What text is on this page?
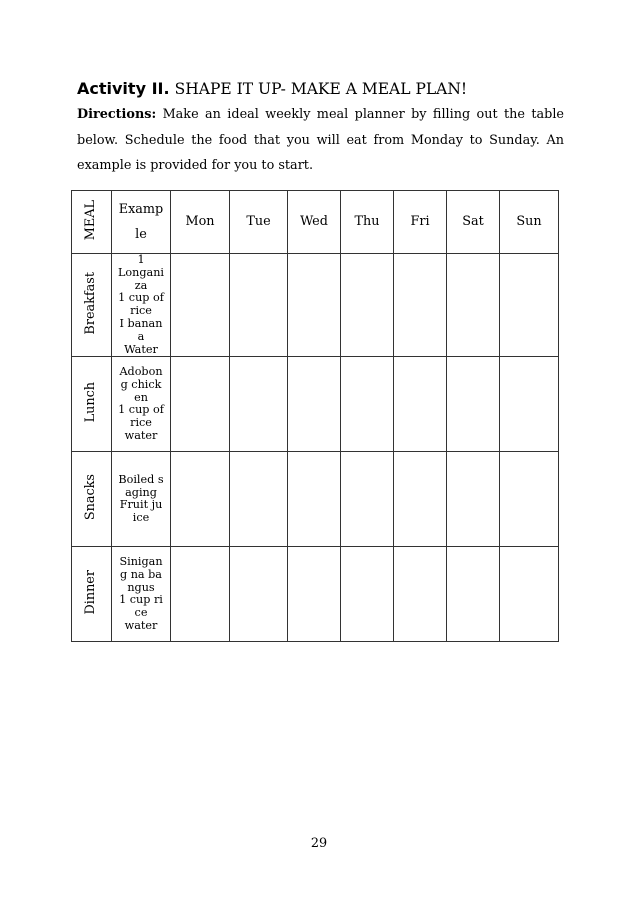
Activity II. SHAPE IT UP- MAKE A MEAL PLAN!

Directions: Make an ideal weekly meal planner by filling out the table below. Schedule the food that you will eat from Monday to Sunday. An example is provided for you to start.

MEAL	Example	Mon	Tue	Wed	Thu	Fri	Sat	Sun
Breakfast	1
Longaniza
1 cup of rice
I banana
Water							

Lunch	Adobong chicken
1 cup of rice
water							

Snacks	Boiled saging
Fruit juice							

Dinner	Sinigang na bangus
1 cup rice
water							

29
